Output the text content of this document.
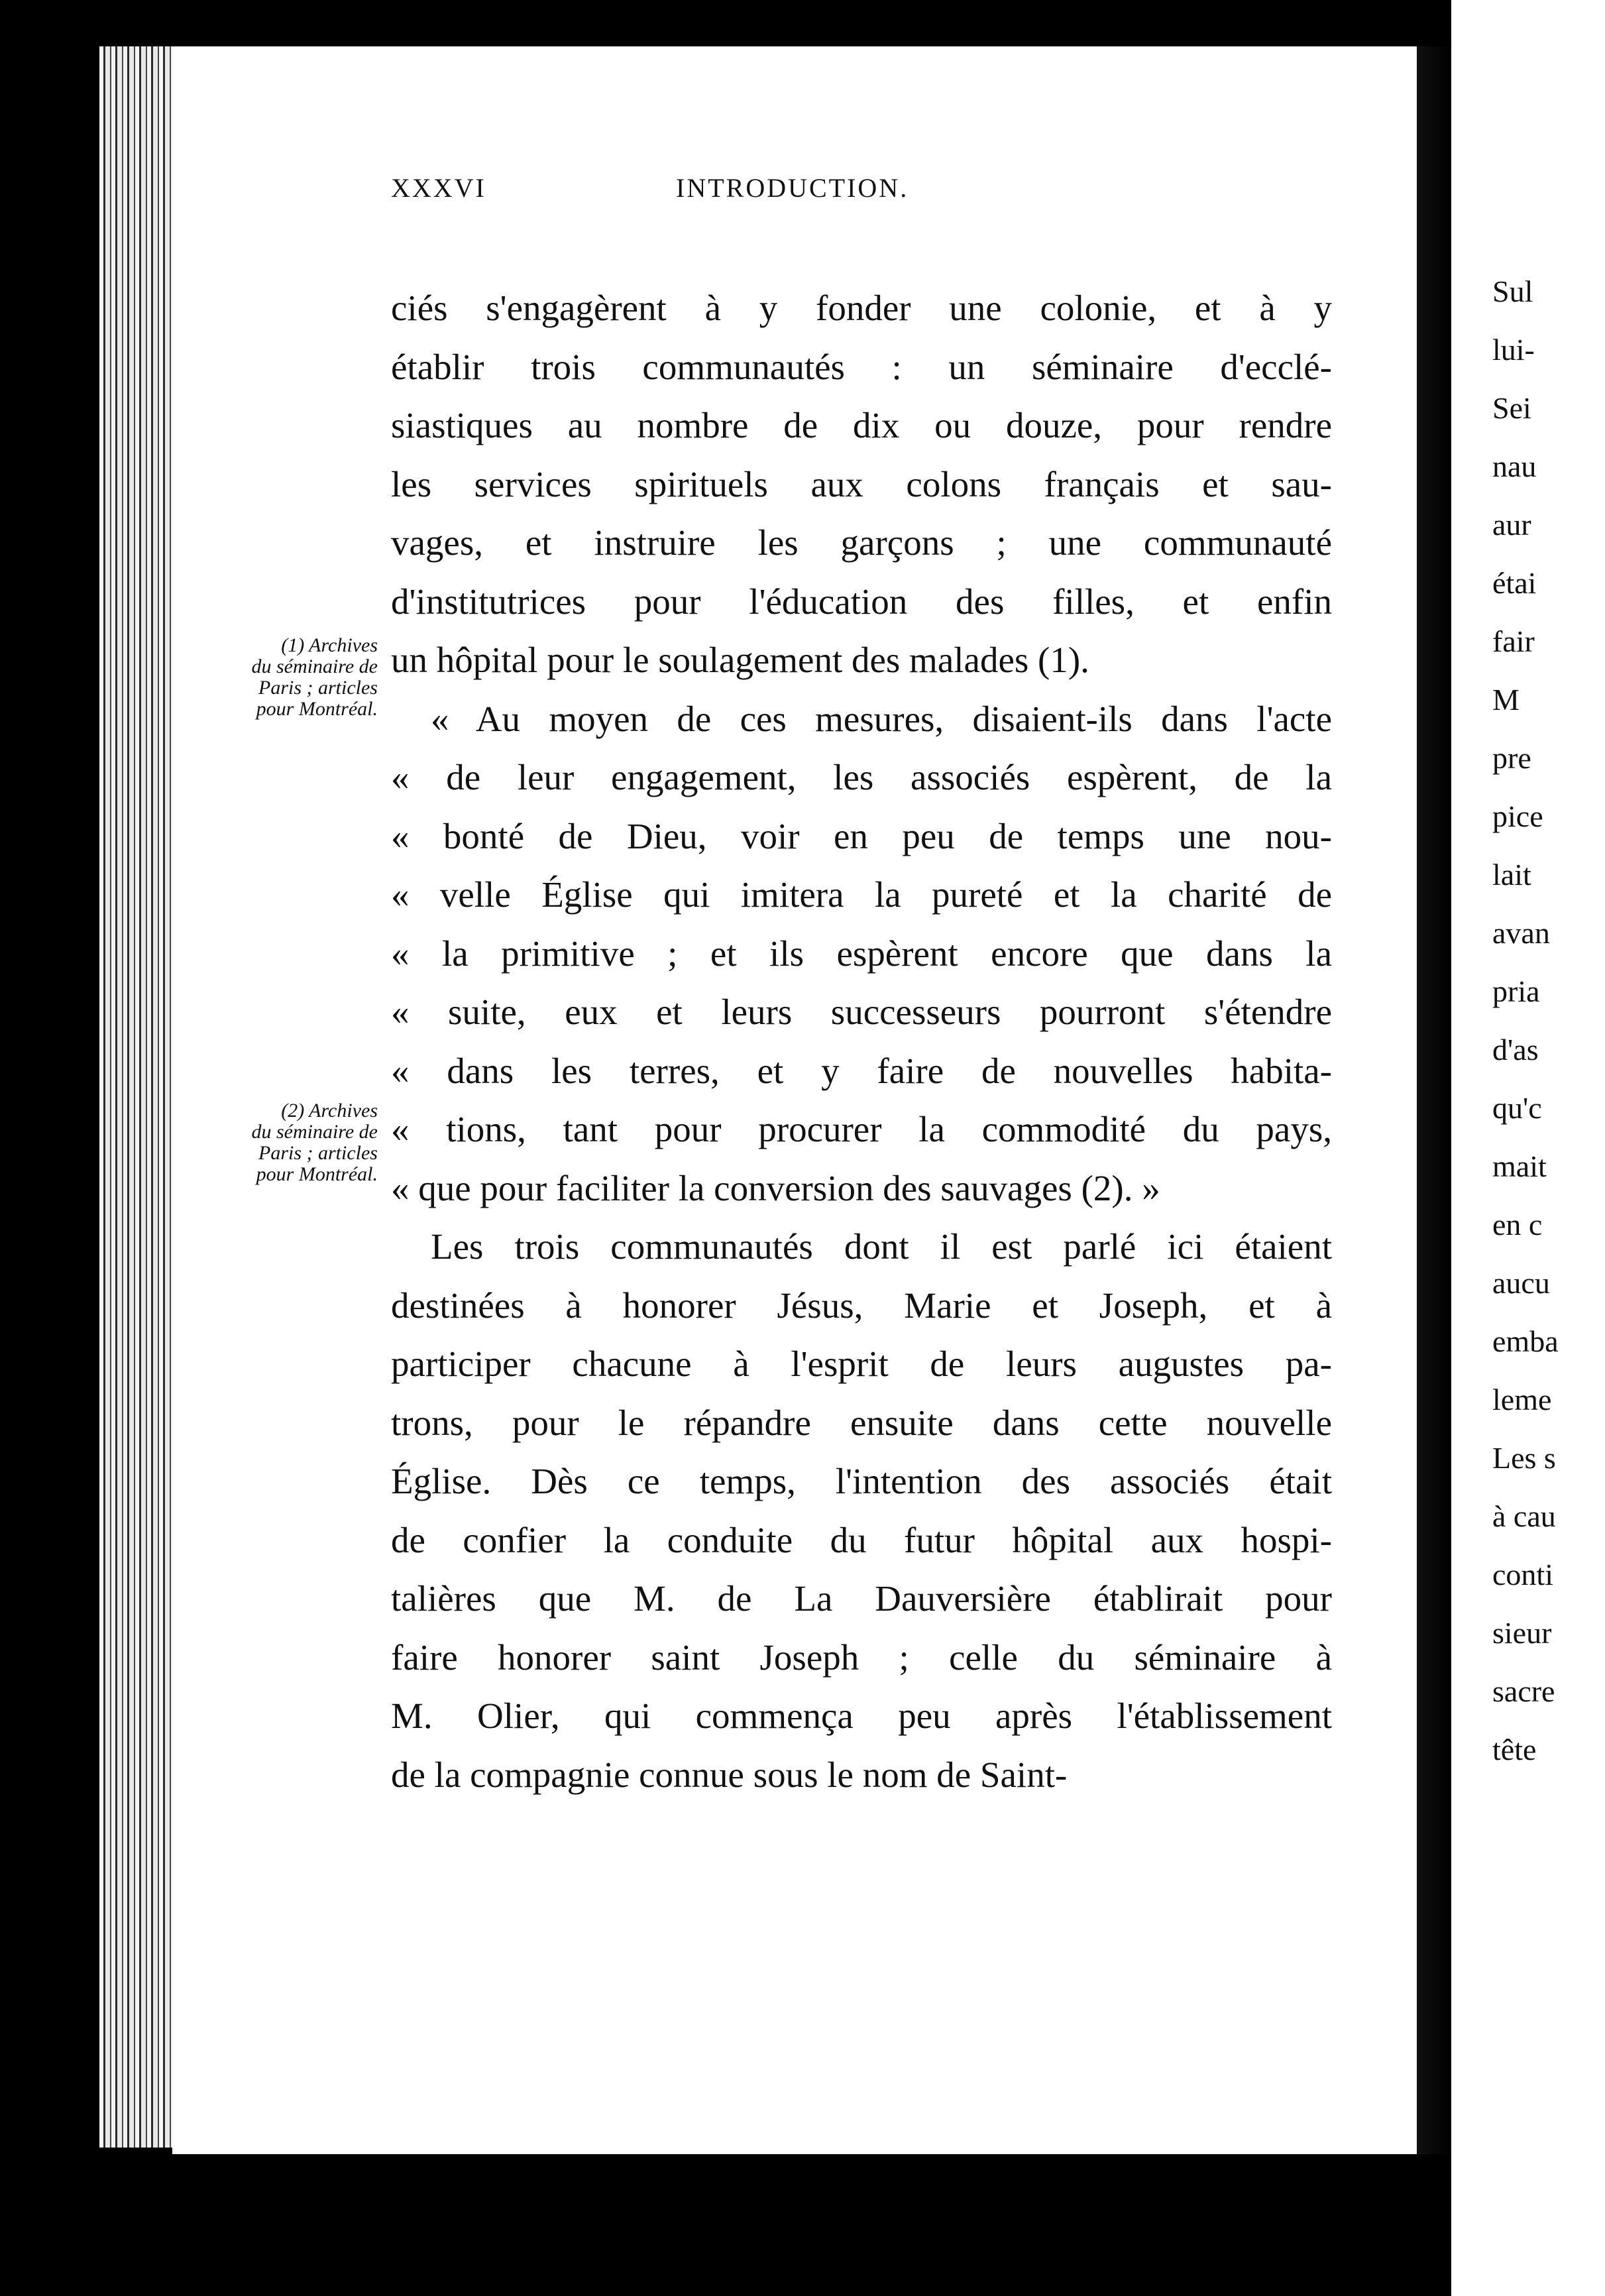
XXXVI	INTRODUCTION.
ciés s'engagèrent à y fonder une colonie, et à y
établir trois communautés : un séminaire d'ecclé-
siastiques au nombre de dix ou douze, pour rendre
les services spirituels aux colons français et sau-
vages, et instruire les garçons ; une communauté
d'institutrices pour l'éducation des filles, et enfin
un hôpital pour le soulagement des malades (1).
« Au moyen de ces mesures, disaient-ils dans l'acte
« de leur engagement, les associés espèrent, de la
« bonté de Dieu, voir en peu de temps une nou-
« velle Église qui imitera la pureté et la charité de
« la primitive ; et ils espèrent encore que dans la
« suite, eux et leurs successeurs pourront s'étendre
« dans les terres, et y faire de nouvelles habita-
« tions, tant pour procurer la commodité du pays,
« que pour faciliter la conversion des sauvages (2). »
Les trois communautés dont il est parlé ici étaient
destinées à honorer Jésus, Marie et Joseph, et à
participer chacune à l'esprit de leurs augustes pa-
trons, pour le répandre ensuite dans cette nouvelle
Église. Dès ce temps, l'intention des associés était
de confier la conduite du futur hôpital aux hospi-
talières que M. de La Dauversière établirait pour
faire honorer saint Joseph ; celle du séminaire à
M. Olier, qui commença peu après l'établissement
de la compagnie connue sous le nom de Saint-
(1) Archives
du séminaire de
Paris ; articles
pour Montréal.
(2) Archives
du séminaire de
Paris ; articles
pour Montréal.
Sul
lui-
Sei
nau
aur
étai
fair
M
pre
pice
lait
avan
pria
d'as
qu'c
mait
en c
aucu
emba
leme
Les s
à cau
conti
sieur
sacre
tête
